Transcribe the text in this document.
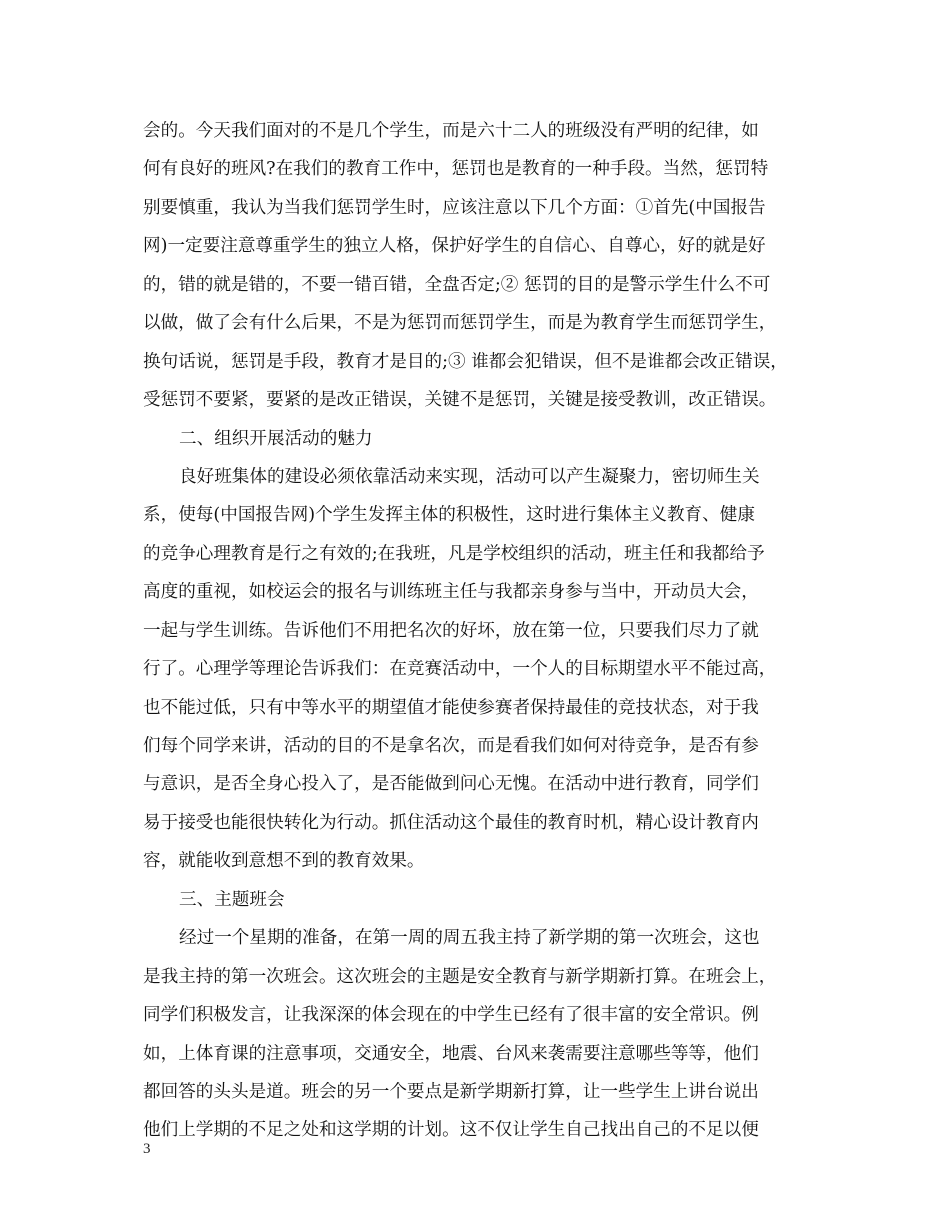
会的。今天我们面对的不是几个学生，而是六十二人的班级没有严明的纪律，如
何有良好的班风?在我们的教育工作中，惩罚也是教育的一种手段。当然，惩罚特
别要慎重，我认为当我们惩罚学生时，应该注意以下几个方面：①首先(中国报告
网)一定要注意尊重学生的独立人格，保护好学生的自信心、自尊心，好的就是好
的，错的就是错的，不要一错百错，全盘否定;② 惩罚的目的是警示学生什么不可
以做，做了会有什么后果，不是为惩罚而惩罚学生，而是为教育学生而惩罚学生，
换句话说，惩罚是手段，教育才是目的;③ 谁都会犯错误，但不是谁都会改正错误，
受惩罚不要紧，要紧的是改正错误，关键不是惩罚，关键是接受教训，改正错误。
二、组织开展活动的魅力
良好班集体的建设必须依靠活动来实现，活动可以产生凝聚力，密切师生关
系，使每(中国报告网)个学生发挥主体的积极性，这时进行集体主义教育、健康
的竞争心理教育是行之有效的;在我班，凡是学校组织的活动，班主任和我都给予
高度的重视，如校运会的报名与训练班主任与我都亲身参与当中，开动员大会，
一起与学生训练。告诉他们不用把名次的好坏，放在第一位，只要我们尽力了就
行了。心理学等理论告诉我们：在竞赛活动中，一个人的目标期望水平不能过高，
也不能过低，只有中等水平的期望值才能使参赛者保持最佳的竞技状态，对于我
们每个同学来讲，活动的目的不是拿名次，而是看我们如何对待竞争，是否有参
与意识，是否全身心投入了，是否能做到问心无愧。在活动中进行教育，同学们
易于接受也能很快转化为行动。抓住活动这个最佳的教育时机，精心设计教育内
容，就能收到意想不到的教育效果。
三、主题班会
经过一个星期的准备，在第一周的周五我主持了新学期的第一次班会，这也
是我主持的第一次班会。这次班会的主题是安全教育与新学期新打算。在班会上，
同学们积极发言，让我深深的体会现在的中学生已经有了很丰富的安全常识。例
如，上体育课的注意事项，交通安全，地震、台风来袭需要注意哪些等等，他们
都回答的头头是道。班会的另一个要点是新学期新打算，让一些学生上讲台说出
他们上学期的不足之处和这学期的计划。这不仅让学生自己找出自己的不足以便
3
